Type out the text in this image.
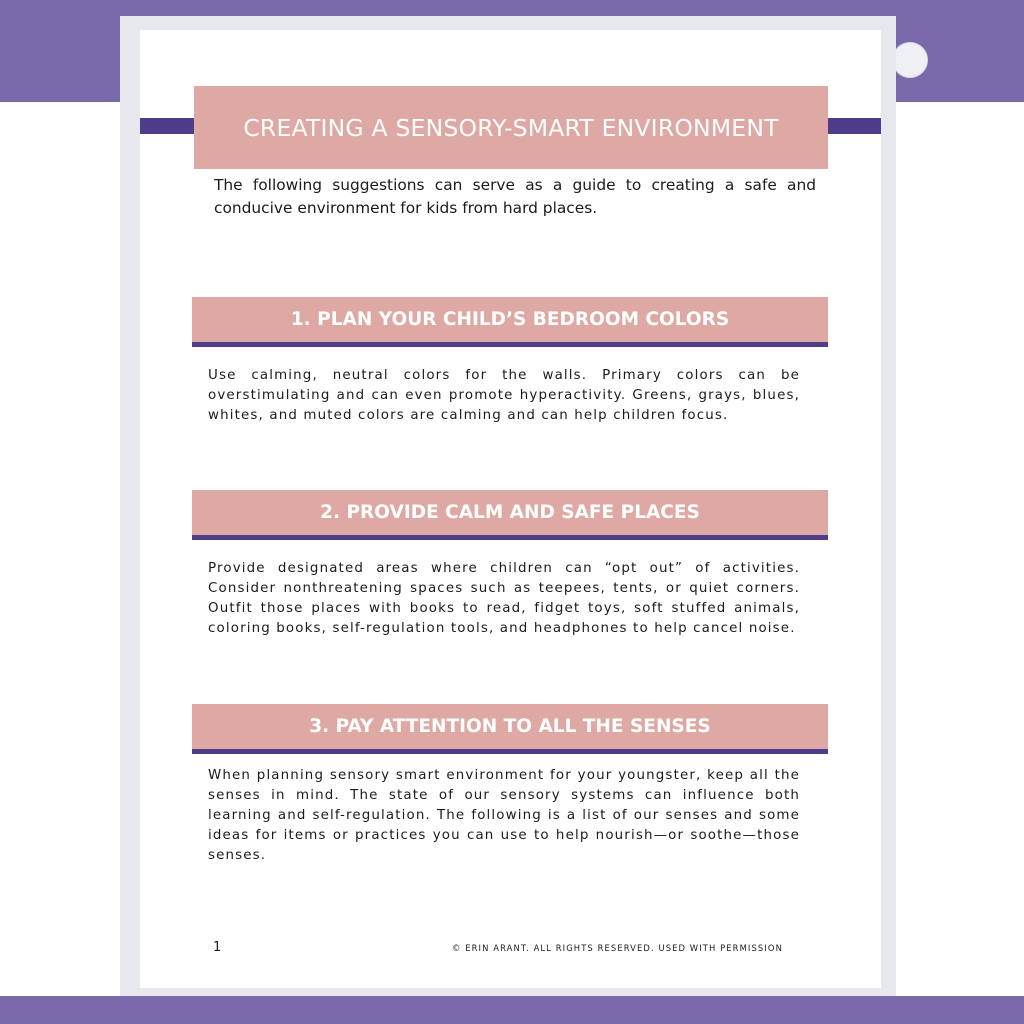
CREATING A SENSORY-SMART ENVIRONMENT
The following suggestions can serve as a guide to creating a safe and conducive environment for kids from hard places.
1. PLAN YOUR CHILD’S BEDROOM COLORS
Use calming, neutral colors for the walls. Primary colors can be overstimulating and can even promote hyperactivity. Greens, grays, blues, whites, and muted colors are calming and can help children focus.
2. PROVIDE CALM AND SAFE PLACES
Provide designated areas where children can “opt out” of activities. Consider nonthreatening spaces such as teepees, tents, or quiet corners. Outfit those places with books to read, fidget toys, soft stuffed animals, coloring books, self-regulation tools, and headphones to help cancel noise.
3. PAY ATTENTION TO ALL THE SENSES
When planning sensory smart environment for your youngster, keep all the senses in mind. The state of our sensory systems can influence both learning and self-regulation. The following is a list of our senses and some ideas for items or practices you can use to help nourish—or soothe—those senses.
1	© ERIN ARANT. ALL RIGHTS RESERVED. USED WITH PERMISSION
